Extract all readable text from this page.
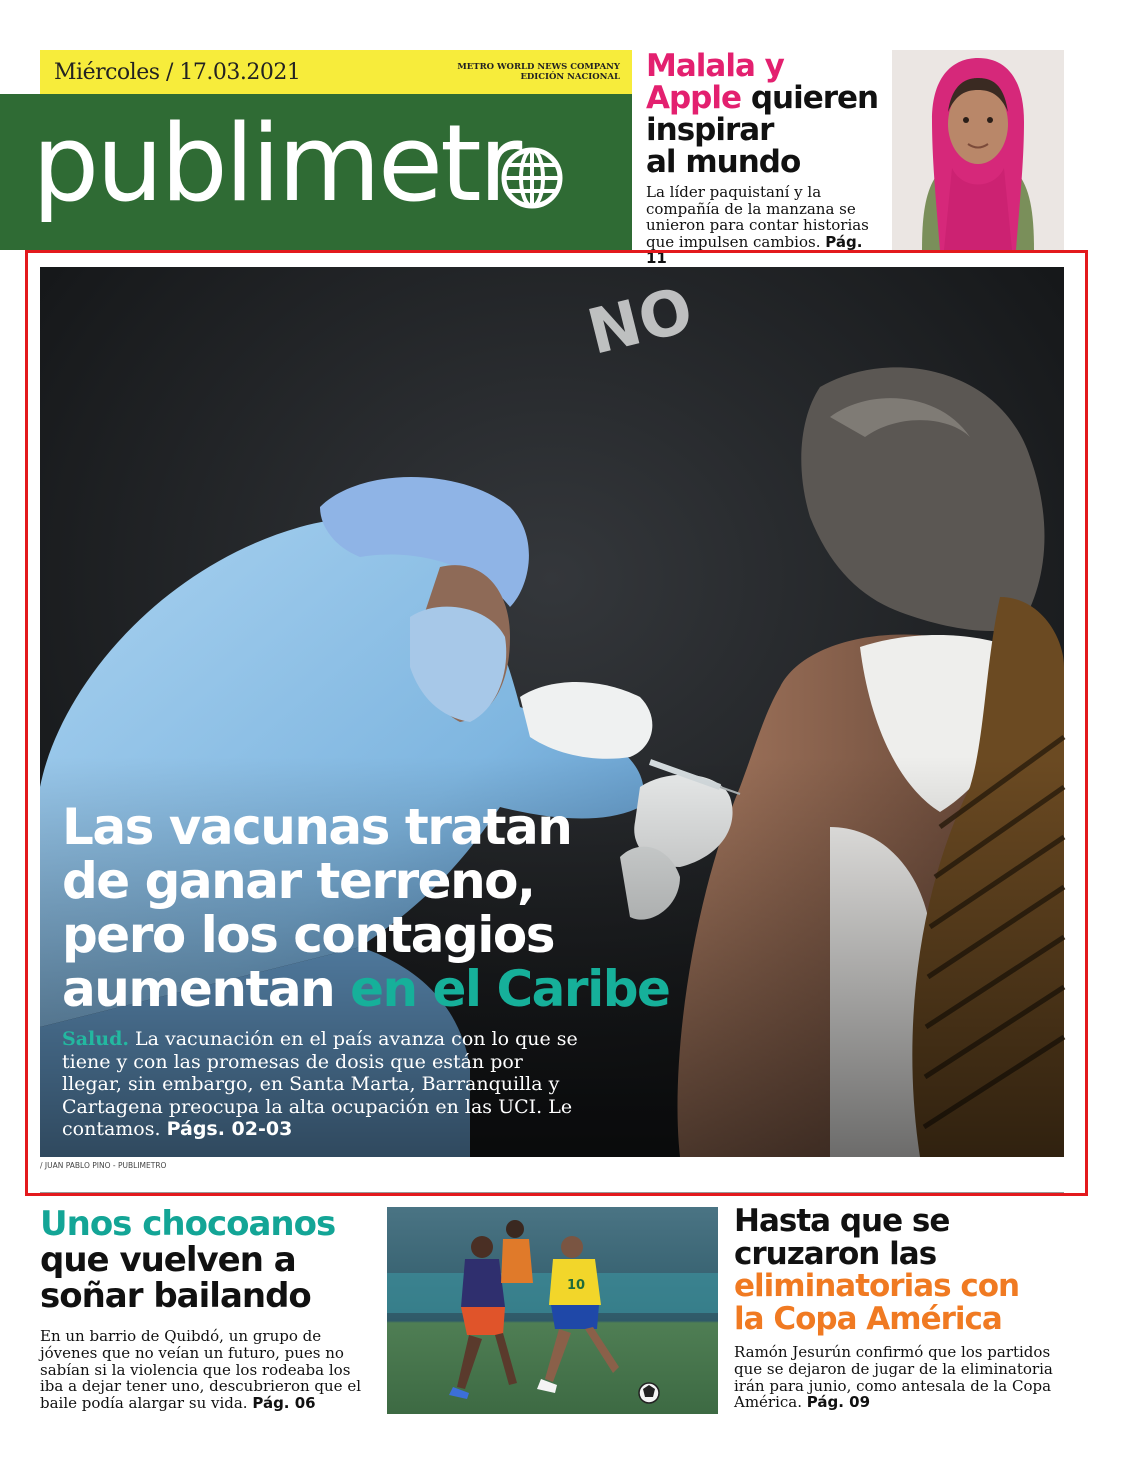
Miércoles / 17.03.2021	METRO WORLD NEWS COMPANY
EDICIÓN NACIONAL
publimetr
Malala y
Apple quieren
inspirar
al mundo
La líder paquistaní y la compañía de la manzana se unieron para contar historias que impulsen cambios. Pág. 11
Las vacunas tratan
de ganar terreno,
pero los contagios
aumentan en el Caribe
Salud. La vacunación en el país avanza con lo que se tiene y con las promesas de dosis que están por llegar, sin embargo, en Santa Marta, Barranquilla y Cartagena preocupa la alta ocupación en las UCI. Le contamos. Págs. 02-03
/ JUAN PABLO PINO - PUBLIMETRO
Unos chocoanos
que vuelven a
soñar bailando
En un barrio de Quibdó, un grupo de jóvenes que no veían un futuro, pues no sabían si la violencia que los rodeaba los iba a dejar tener uno, descubrieron que el baile podía alargar su vida. Pág. 06
10
Hasta que se
cruzaron las
eliminatorias con
la Copa América
Ramón Jesurún confirmó que los partidos que se dejaron de jugar de la eliminatoria irán para junio, como antesala de la Copa América. Pág. 09
